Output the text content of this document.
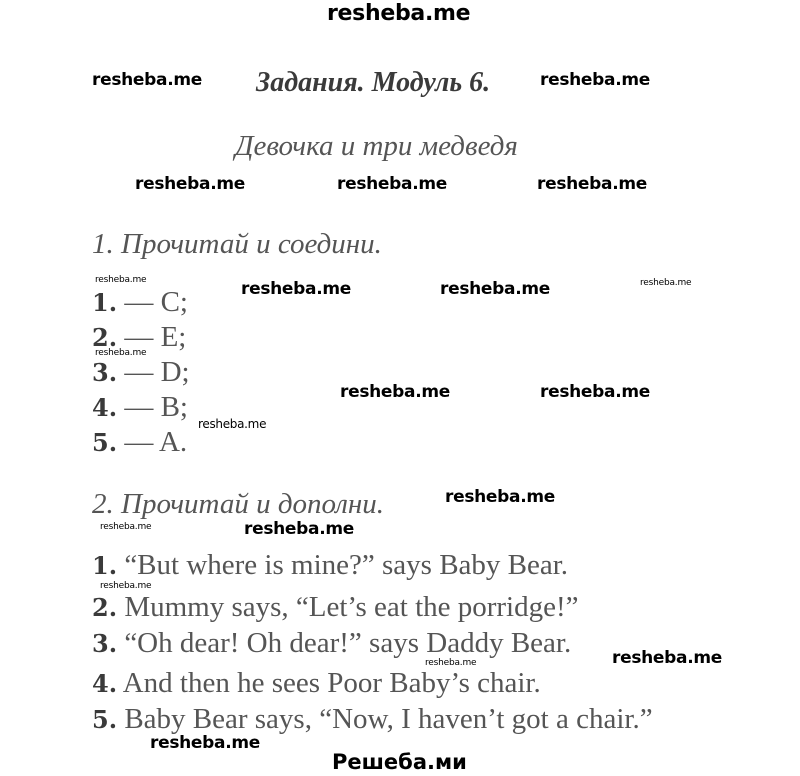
resheba.me
Задания. Модуль 6.
Девочка и три медведя
1. Прочитай и соедини.
1. — C;
2. — E;
3. — D;
4. — B;
5. — A.
2. Прочитай и дополни.
1. “But where is mine?” says Baby Bear.
2. Mummy says, “Let’s eat the porridge!”
3. “Oh dear! Oh dear!” says Daddy Bear.
4. And then he sees Poor Baby’s chair.
5. Baby Bear says, “Now, I haven’t got a chair.”
resheba.me	resheba.me
resheba.me	resheba.me	resheba.me
resheba.me	resheba.me
resheba.me	resheba.me
resheba.me
resheba.me
resheba.me
resheba.me
resheba.me	resheba.me
resheba.me
resheba.me
resheba.me
resheba.me
resheba.me
Решеба.ми
